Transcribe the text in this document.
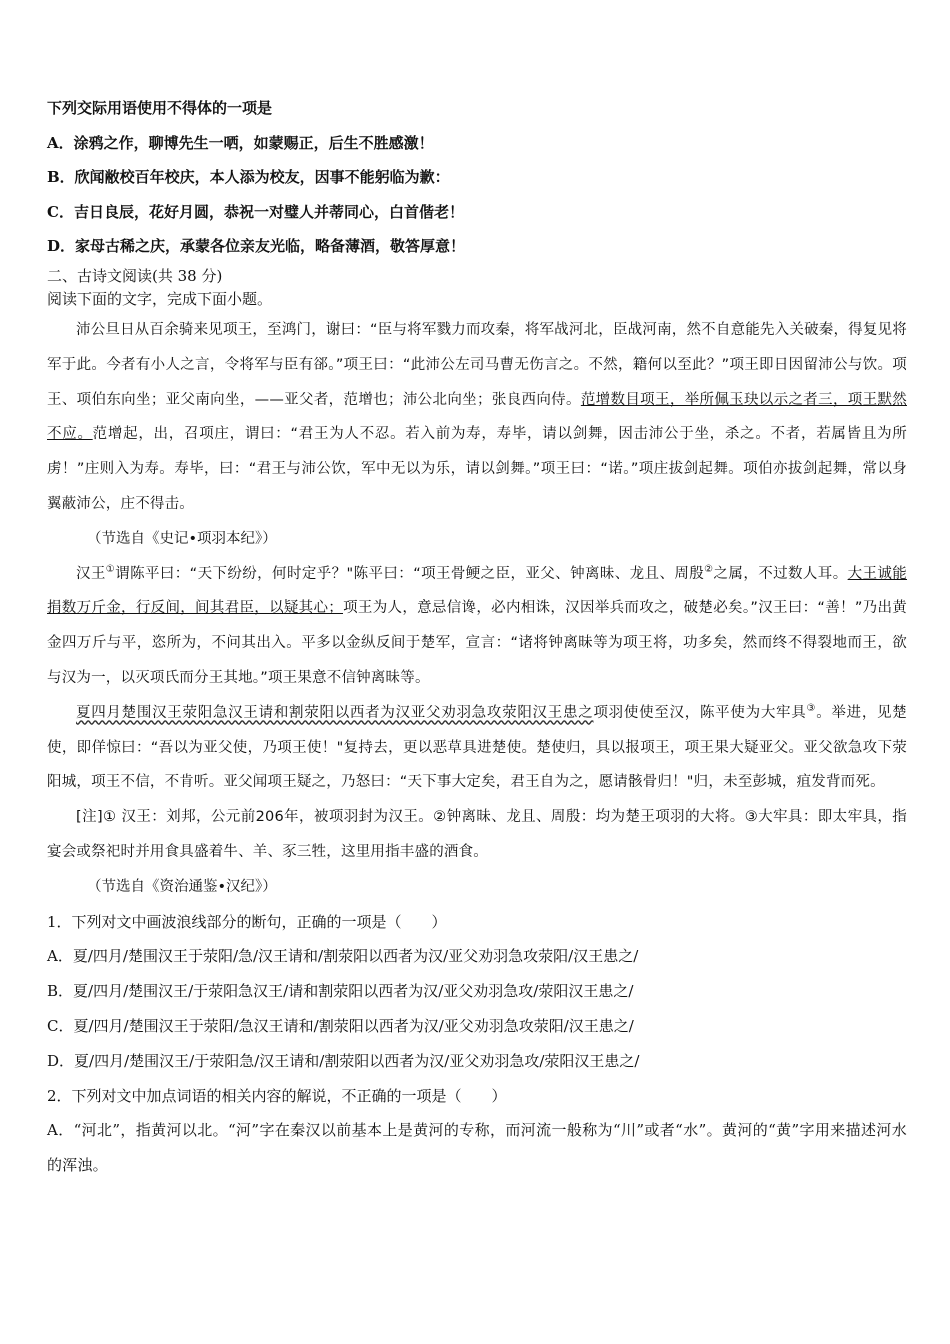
下列交际用语使用不得体的一项是
A．涂鸦之作，聊博先生一哂，如蒙赐正，后生不胜感激！
B．欣闻敝校百年校庆，本人添为校友，因事不能躬临为歉：
C．吉日良辰，花好月圆，恭祝一对璧人并蒂同心，白首偕老！
D．家母古稀之庆，承蒙各位亲友光临，略备薄酒，敬答厚意！
二、古诗文阅读(共 38 分)
阅读下面的文字，完成下面小题。
沛公旦日从百余骑来见项王，至鸿门，谢曰：“臣与将军戮力而攻秦，将军战河北，臣战河南，然不自意能先入关破秦，得复见将军于此。今者有小人之言，令将军与臣有郤。”项王曰：“此沛公左司马曹无伤言之。不然，籍何以至此？”项王即日因留沛公与饮。项王、项伯东向坐；亚父南向坐，——亚父者，范增也；沛公北向坐；张良西向侍。范增数目项王，举所佩玉玦以示之者三，项王默然不应。范增起，出，召项庄，谓曰：“君王为人不忍。若入前为寿，寿毕，请以剑舞，因击沛公于坐，杀之。不者，若属皆且为所虏！”庄则入为寿。寿毕，曰：“君王与沛公饮，军中无以为乐，请以剑舞。”项王曰：“诺。”项庄拔剑起舞。项伯亦拔剑起舞，常以身翼蔽沛公，庄不得击。
（节选自《史记•项羽本纪》）
汉王①谓陈平曰：“天下纷纷，何时定乎？"陈平曰：“项王骨鲠之臣，亚父、钟离昧、龙且、周殷②之属，不过数人耳。大王诚能捐数万斤金，行反间，间其君臣，以疑其心；项王为人，意忌信谗，必内相诛，汉因举兵而攻之，破楚必矣。”汉王曰：“善！”乃出黄金四万斤与平，恣所为，不问其出入。平多以金纵反间于楚军，宣言：“诸将钟离昧等为项王将，功多矣，然而终不得裂地而王，欲与汉为一，以灭项氏而分王其地。”项王果意不信钟离昧等。
夏四月楚围汉王荥阳急汉王请和割荥阳以西者为汉亚父劝羽急攻荥阳汉王患之项羽使使至汉，陈平使为大牢具③。举进，见楚使，即佯惊曰：“吾以为亚父使，乃项王使！"复持去，更以恶草具进楚使。楚使归，具以报项王，项王果大疑亚父。亚父欲急攻下荥阳城，项王不信，不肯听。亚父闻项王疑之，乃怒曰：“天下事大定矣，君王自为之，愿请骸骨归！"归，未至彭城，疽发背而死。
[注]① 汉王：刘邦，公元前206年，被项羽封为汉王。②钟离昧、龙且、周殷：均为楚王项羽的大将。③大牢具：即太牢具，指宴会或祭祀时并用食具盛着牛、羊、豕三牲，这里用指丰盛的酒食。
（节选自《资治通鉴•汉纪》）
1．下列对文中画波浪线部分的断句，正确的一项是（　　）
A．夏/四月/楚围汉王于荥阳/急/汉王请和/割荥阳以西者为汉/亚父劝羽急攻荥阳/汉王患之/
B．夏/四月/楚围汉王/于荥阳急汉王/请和割荥阳以西者为汉/亚父劝羽急攻/荥阳汉王患之/
C．夏/四月/楚围汉王于荥阳/急汉王请和/割荥阳以西者为汉/亚父劝羽急攻荥阳/汉王患之/
D．夏/四月/楚围汉王/于荥阳急/汉王请和/割荥阳以西者为汉/亚父劝羽急攻/荥阳汉王患之/
2．下列对文中加点词语的相关内容的解说，不正确的一项是（　　）
A．“河北”，指黄河以北。“河”字在秦汉以前基本上是黄河的专称，而河流一般称为“川”或者“水”。黄河的“黄”字用来描述河水的浑浊。
